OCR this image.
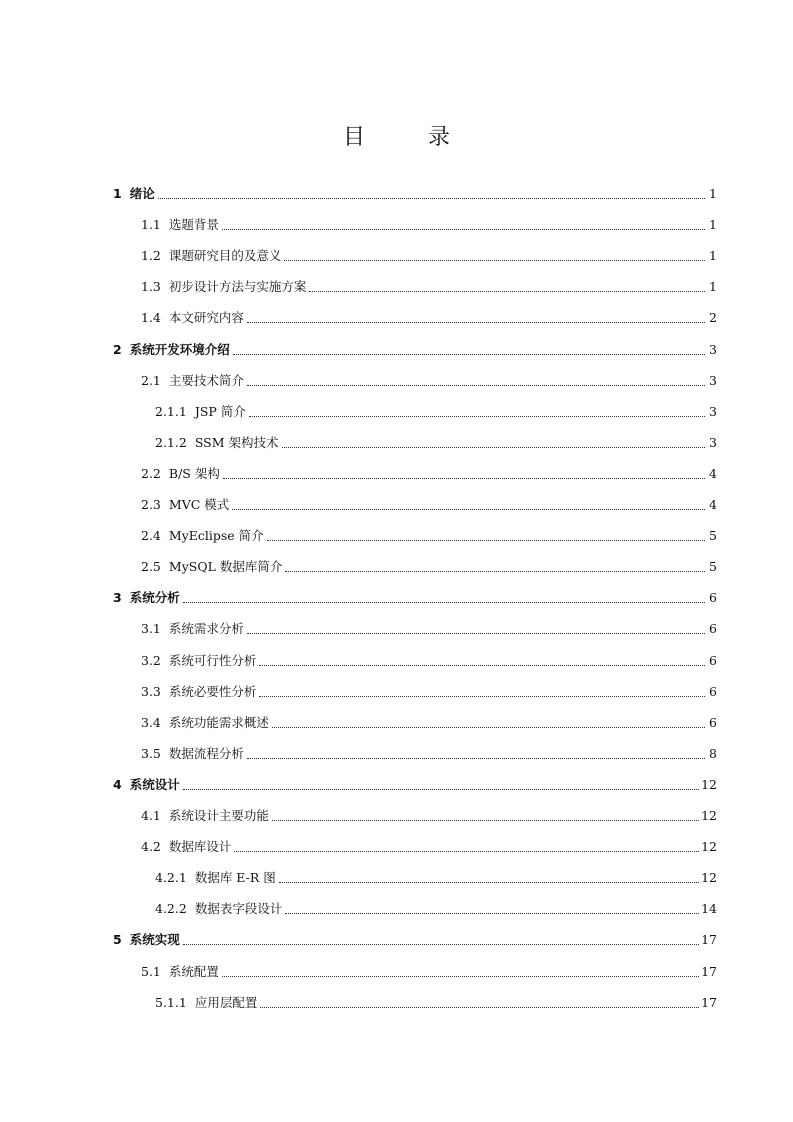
目 录
1 绪论	1
1.1 选题背景	1
1.2 课题研究目的及意义	1
1.3 初步设计方法与实施方案	1
1.4 本文研究内容	2
2 系统开发环境介绍	3
2.1 主要技术简介	3
2.1.1 JSP 简介	3
2.1.2 SSM 架构技术	3
2.2 B/S 架构	4
2.3 MVC 模式	4
2.4 MyEclipse 简介	5
2.5 MySQL 数据库简介	5
3 系统分析	6
3.1 系统需求分析	6
3.2 系统可行性分析	6
3.3 系统必要性分析	6
3.4 系统功能需求概述	6
3.5 数据流程分析	8
4 系统设计	12
4.1 系统设计主要功能	12
4.2 数据库设计	12
4.2.1 数据库 E-R 图	12
4.2.2 数据表字段设计	14
5 系统实现	17
5.1 系统配置	17
5.1.1 应用层配置	17
